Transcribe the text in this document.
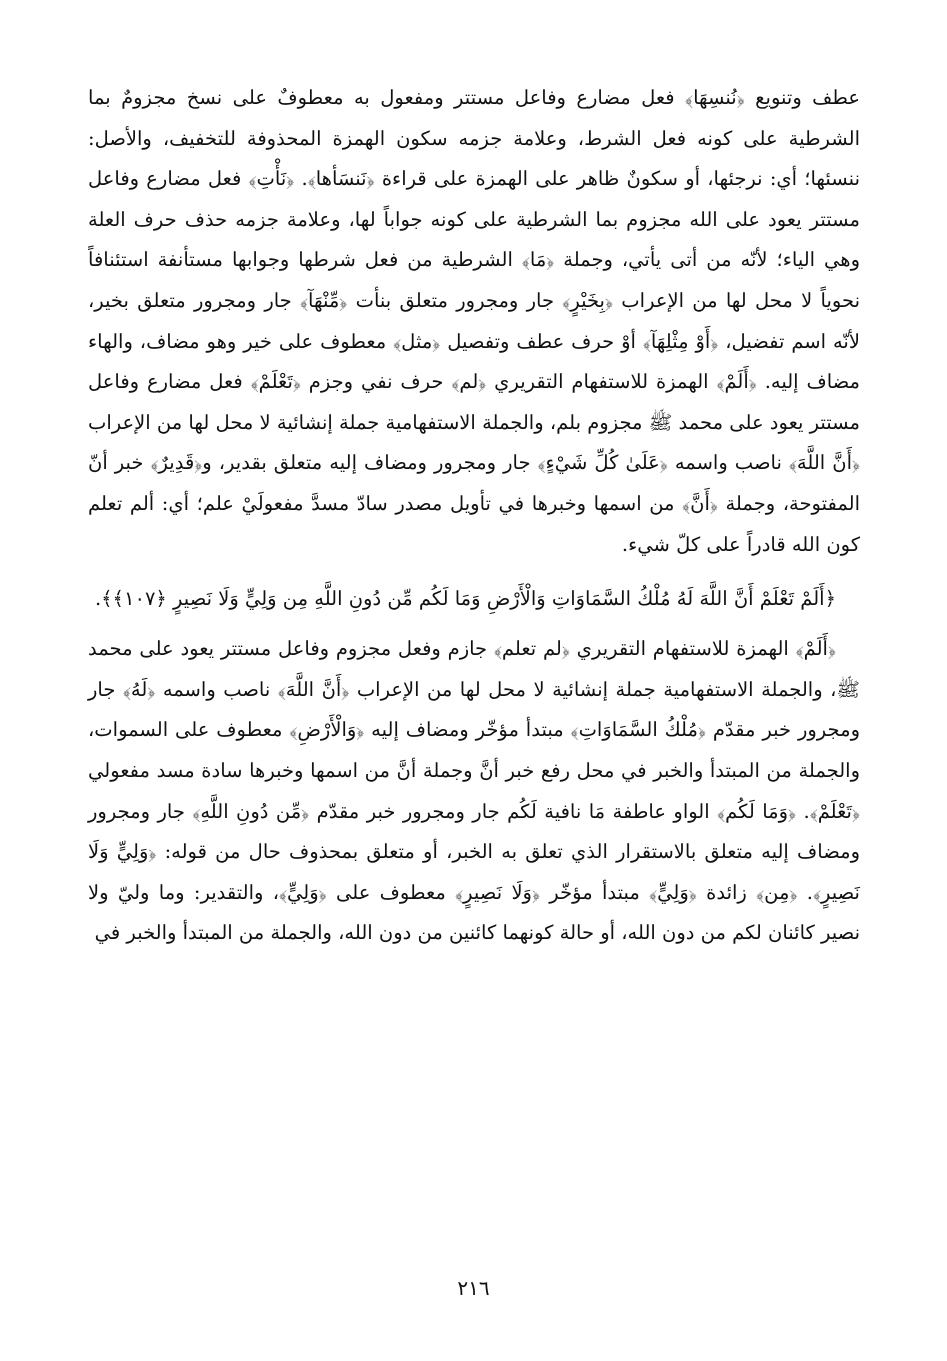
عطف وتنويع ﴿نُنسِهَا﴾ فعل مضارع وفاعل مستتر ومفعول به معطوفٌ على نسخ مجزومٌ بما الشرطية على كونه فعل الشرط، وعلامة جزمه سكون الهمزة المحذوفة للتخفيف، والأصل: ننسئها؛ أي: نرجئها، أو سكونٌ ظاهر على الهمزة على قراءة ﴿نَنسَأها﴾. ﴿نَأْتِ﴾ فعل مضارع وفاعل مستتر يعود على الله مجزوم بما الشرطية على كونه جواباً لها، وعلامة جزمه حذف حرف العلة وهي الياء؛ لأنّه من أتى يأتي، وجملة ﴿مَا﴾ الشرطية من فعل شرطها وجوابها مستأنفة استئنافاً نحوياً لا محل لها من الإعراب ﴿بِخَيْرٍ﴾ جار ومجرور متعلق بنأت ﴿مِّنْهَآ﴾ جار ومجرور متعلق بخير، لأنّه اسم تفضيل، ﴿أَوْ مِثْلِهَآ﴾ أوْ حرف عطف وتفصيل ﴿مثل﴾ معطوف على خير وهو مضاف، والهاء مضاف إليه. ﴿أَلَمْ﴾ الهمزة للاستفهام التقريري ﴿لم﴾ حرف نفي وجزم ﴿تَعْلَمْ﴾ فعل مضارع وفاعل مستتر يعود على محمد ﷺ مجزوم بلم، والجملة الاستفهامية جملة إنشائية لا محل لها من الإعراب ﴿أَنَّ اللَّهَ﴾ ناصب واسمه ﴿عَلَىٰ كُلِّ شَيْءٍ﴾ جار ومجرور ومضاف إليه متعلق بقدير، و﴿قَدِيرٌ﴾ خبر أنّ المفتوحة، وجملة ﴿أَنَّ﴾ من اسمها وخبرها في تأويل مصدر سادّ مسدَّ مفعولَيْ علم؛ أي: ألم تعلم كون الله قادراً على كلّ شيء.

﴿أَلَمْ تَعْلَمْ أَنَّ اللَّهَ لَهُ مُلْكُ السَّمَاوَاتِ وَالْأَرْضِ وَمَا لَكُم مِّن دُونِ اللَّهِ مِن وَلِيٍّ وَلَا نَصِيرٍ ﴿١٠٧﴾﴾.

﴿أَلَمْ﴾ الهمزة للاستفهام التقريري ﴿لم تعلم﴾ جازم وفعل مجزوم وفاعل مستتر يعود على محمد ﷺ، والجملة الاستفهامية جملة إنشائية لا محل لها من الإعراب ﴿أَنَّ اللَّهَ﴾ ناصب واسمه ﴿لَهُ﴾ جار ومجرور خبر مقدّم ﴿مُلْكُ السَّمَاوَاتِ﴾ مبتدأ مؤخّر ومضاف إليه ﴿وَالْأَرْضِ﴾ معطوف على السموات، والجملة من المبتدأ والخبر في محل رفع خبر أنَّ وجملة أنَّ من اسمها وخبرها سادة مسد مفعولي ﴿تَعْلَمْ﴾. ﴿وَمَا لَكُم﴾ الواو عاطفة مَا نافية لَكُم جار ومجرور خبر مقدّم ﴿مِّن دُونِ اللَّهِ﴾ جار ومجرور ومضاف إليه متعلق بالاستقرار الذي تعلق به الخبر، أو متعلق بمحذوف حال من قوله: ﴿وَلِيٍّ وَلَا نَصِيرٍ﴾. ﴿مِن﴾ زائدة ﴿وَلِيٍّ﴾ مبتدأ مؤخّر ﴿وَلَا نَصِيرٍ﴾ معطوف على ﴿وَلِيٍّ﴾، والتقدير: وما وليّ ولا نصير كائنان لكم من دون الله، أو حالة كونهما كائنين من دون الله، والجملة من المبتدأ والخبر في

٢١٦
